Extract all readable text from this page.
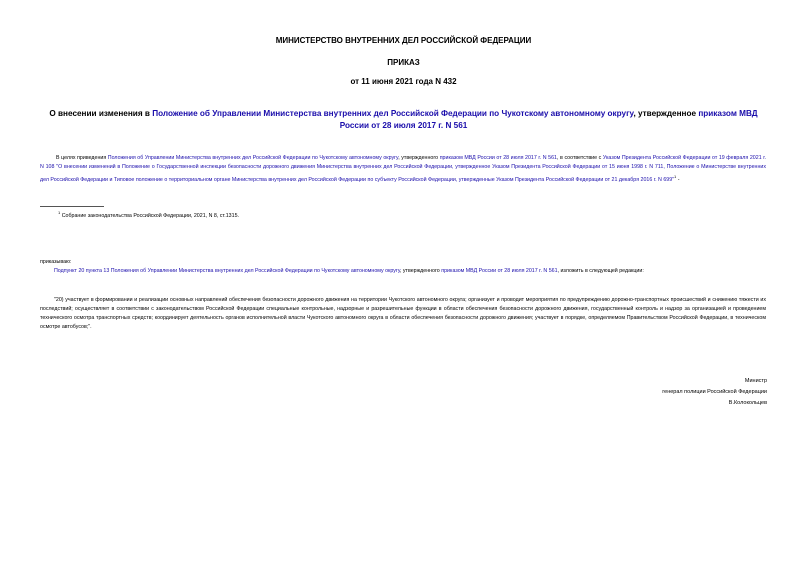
МИНИСТЕРСТВО ВНУТРЕННИХ ДЕЛ РОССИЙСКОЙ ФЕДЕРАЦИИ
ПРИКАЗ
от 11 июня 2021 года N 432
О внесении изменения в Положение об Управлении Министерства внутренних дел Российской Федерации по Чукотскому автономному округу, утвержденное приказом МВД России от 28 июля 2017 г. N 561
В целях приведения Положения об Управлении Министерства внутренних дел Российской Федерации по Чукотскому автономному округу, утвержденного приказом МВД России от 28 июля 2017 г. N 561, в соответствие с Указом Президента Российской Федерации от 19 февраля 2021 г. N 108 "О внесении изменений в Положение о Государственной инспекции безопасности дорожного движения Министерства внутренних дел Российской Федерации, утвержденное Указом Президента Российской Федерации от 15 июня 1998 г. N 711, Положение о Министерстве внутренних дел Российской Федерации и Типовое положение о территориальном органе Министерства внутренних дел Российской Федерации по субъекту Российской Федерации, утвержденные Указом Президента Российской Федерации от 21 декабря 2016 г. N 699"$^1$ -
$^1$ Собрание законодательства Российской Федерации, 2021, N 8, ст.1315.
приказываю:
Подпункт 20 пункта 13 Положения об Управлении Министерства внутренних дел Российской Федерации по Чукотскому автономному округу, утвержденного приказом МВД России от 28 июля 2017 г. N 561, изложить в следующей редакции:
"20) участвует в формировании и реализации основных направлений обеспечения безопасности дорожного движения на территории Чукотского автономного округа; организует и проводит мероприятия по предупреждению дорожно-транспортных происшествий и снижению тяжести их последствий; осуществляет в соответствии с законодательством Российской Федерации специальные контрольные, надзорные и разрешительные функции в области обеспечения безопасности дорожного движения, государственный контроль и надзор за организацией и проведением технического осмотра транспортных средств; координирует деятельность органов исполнительной власти Чукотского автономного округа в области обеспечения безопасности дорожного движения; участвует в порядке, определяемом Правительством Российской Федерации, в техническом осмотре автобусов;".
Министр
генерал полиции Российской Федерации
В.Колокольцев
